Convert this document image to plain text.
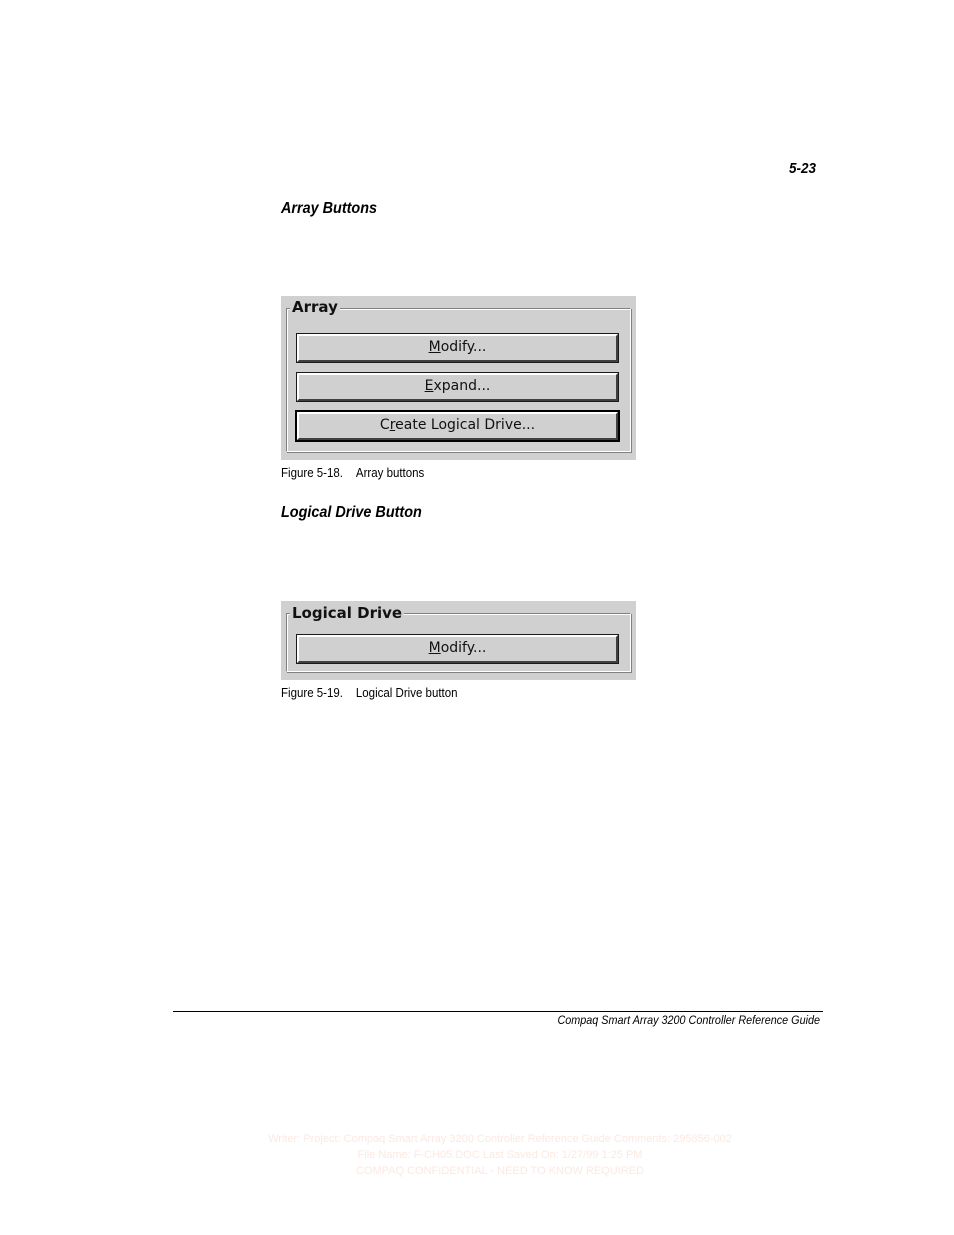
5-23
Array Buttons
Array
Modify...
Expand...
Create Logical Drive...
Figure 5-18. Array buttons
Logical Drive Button
Logical Drive
Modify...
Figure 5-19. Logical Drive button
Compaq Smart Array 3200 Controller Reference Guide
Writer: Project: Compaq Smart Array 3200 Controller Reference Guide Comments: 295856-002
File Name: F-CH05.DOC Last Saved On: 1/27/99 1:25 PM
COMPAQ CONFIDENTIAL - NEED TO KNOW REQUIRED
